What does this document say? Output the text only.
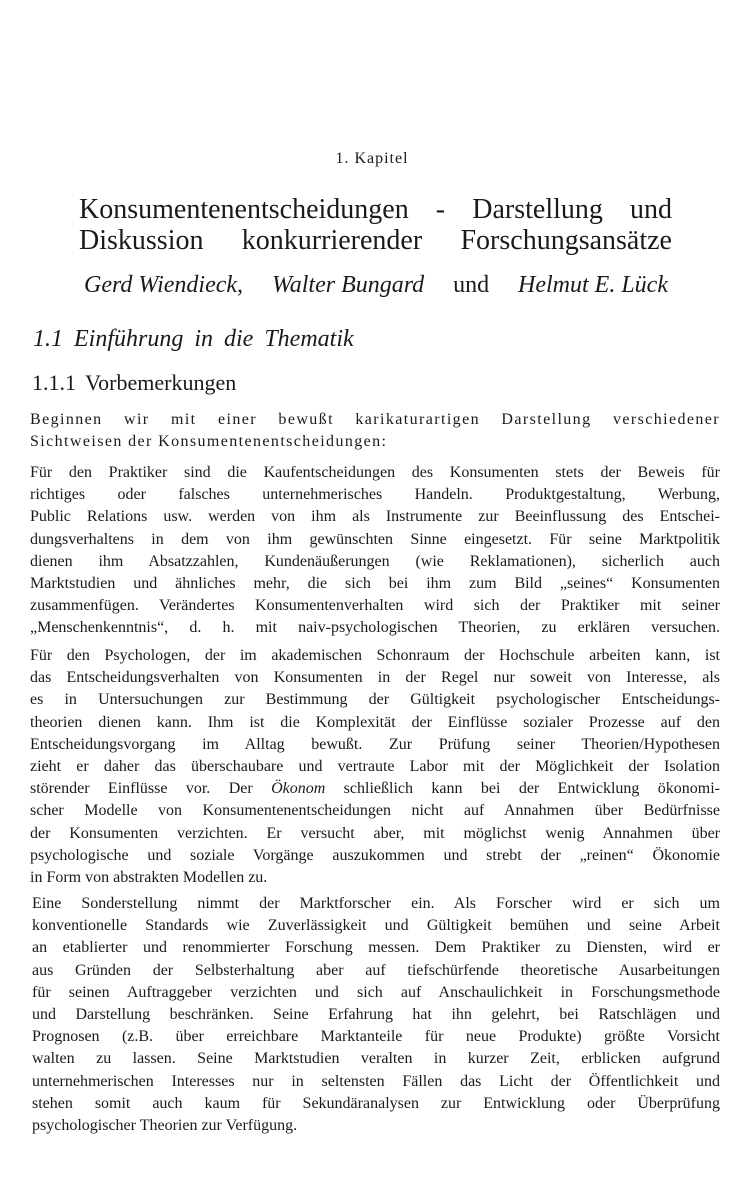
1. Kapitel
Konsumentenentscheidungen - Darstellung und
Diskussion konkurrierender Forschungsansätze
Gerd Wiendieck, Walter Bungard und Helmut E. Lück
1.1 Einführung in die Thematik
1.1.1 Vorbemerkungen

Beginnen wir mit einer bewußt karikaturartigen Darstellung verschiedener
Sichtweisen der Konsumentenentscheidungen:

Für den Praktiker sind die Kaufentscheidungen des Konsumenten stets der Beweis für
richtiges oder falsches unternehmerisches Handeln. Produktgestaltung, Werbung,
Public Relations usw. werden von ihm als Instrumente zur Beeinflussung des Entschei-
dungsverhaltens in dem von ihm gewünschten Sinne eingesetzt. Für seine Marktpolitik
dienen ihm Absatzzahlen, Kundenäußerungen (wie Reklamationen), sicherlich auch
Marktstudien und ähnliches mehr, die sich bei ihm zum Bild „seines“ Konsumenten
zusammenfügen. Verändertes Konsumentenverhalten wird sich der Praktiker mit seiner
„Menschenkenntnis“, d. h. mit naiv-psychologischen Theorien, zu erklären versuchen.

Für den Psychologen, der im akademischen Schonraum der Hochschule arbeiten kann, ist
das Entscheidungsverhalten von Konsumenten in der Regel nur soweit von Interesse, als
es in Untersuchungen zur Bestimmung der Gültigkeit psychologischer Entscheidungs-
theorien dienen kann. Ihm ist die Komplexität der Einflüsse sozialer Prozesse auf den
Entscheidungsvorgang im Alltag bewußt. Zur Prüfung seiner Theorien/Hypothesen
zieht er daher das überschaubare und vertraute Labor mit der Möglichkeit der Isolation
störender Einflüsse vor. Der Ökonom schließlich kann bei der Entwicklung ökonomi-
scher Modelle von Konsumentenentscheidungen nicht auf Annahmen über Bedürfnisse
der Konsumenten verzichten. Er versucht aber, mit möglichst wenig Annahmen über
psychologische und soziale Vorgänge auszukommen und strebt der „reinen“ Ökonomie
in Form von abstrakten Modellen zu.

Eine Sonderstellung nimmt der Marktforscher ein. Als Forscher wird er sich um
konventionelle Standards wie Zuverlässigkeit und Gültigkeit bemühen und seine Arbeit
an etablierter und renommierter Forschung messen. Dem Praktiker zu Diensten, wird er
aus Gründen der Selbsterhaltung aber auf tiefschürfende theoretische Ausarbeitungen
für seinen Auftraggeber verzichten und sich auf Anschaulichkeit in Forschungsmethode
und Darstellung beschränken. Seine Erfahrung hat ihn gelehrt, bei Ratschlägen und
Prognosen (z.B. über erreichbare Marktanteile für neue Produkte) größte Vorsicht
walten zu lassen. Seine Marktstudien veralten in kurzer Zeit, erblicken aufgrund
unternehmerischen Interesses nur in seltensten Fällen das Licht der Öffentlichkeit und
stehen somit auch kaum für Sekundäranalysen zur Entwicklung oder Überprüfung
psychologischer Theorien zur Verfügung.
